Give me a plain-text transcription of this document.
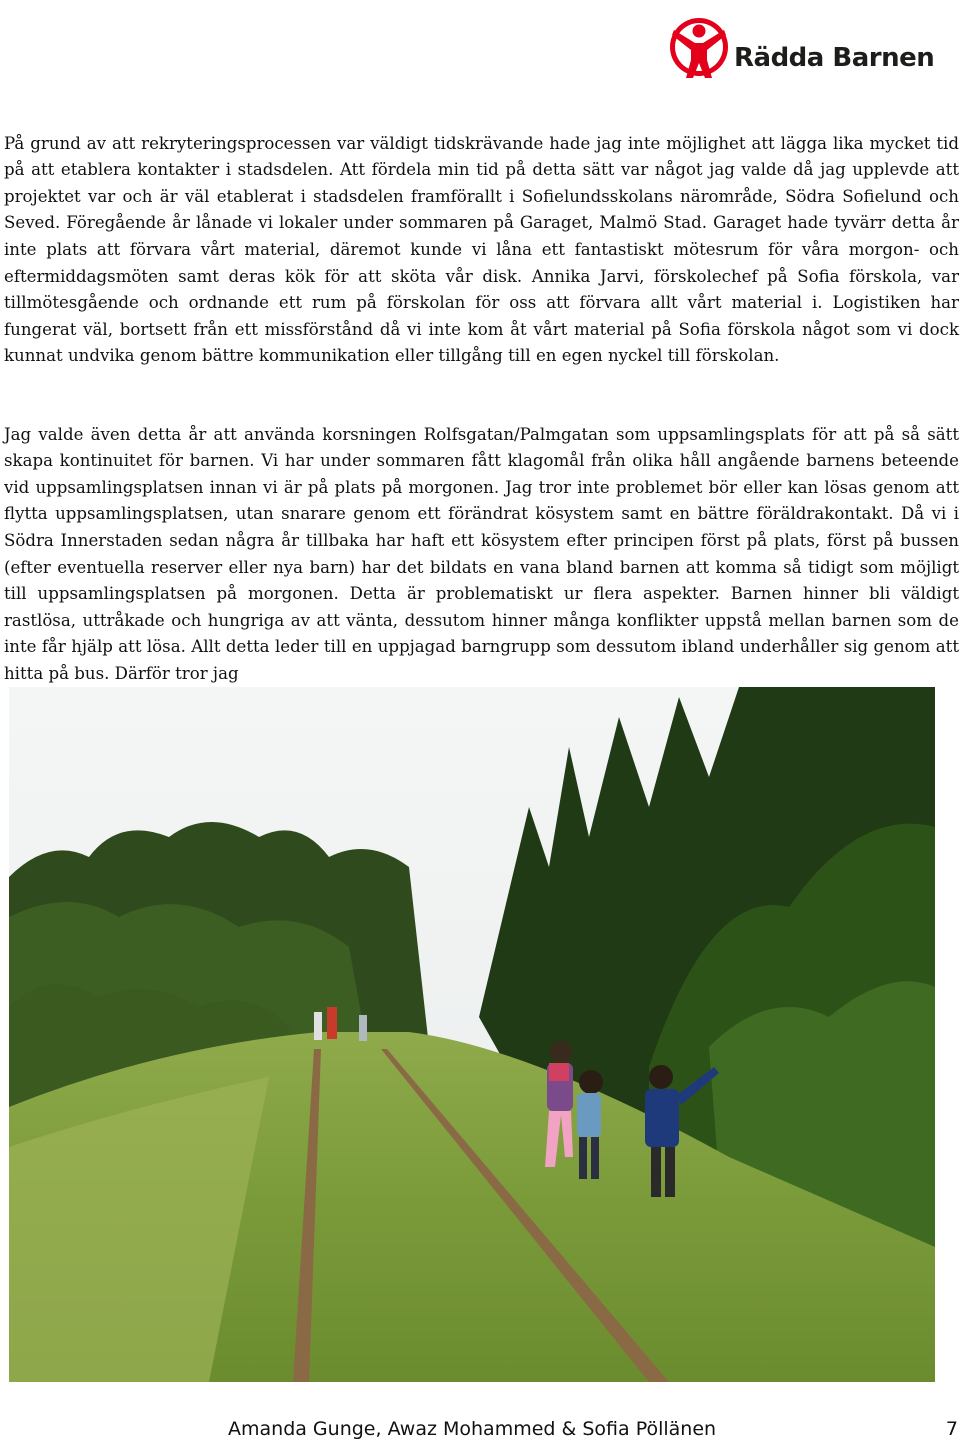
Rädda Barnen

På grund av att rekryteringsprocessen var väldigt tidskrävande hade jag inte möjlighet att lägga lika mycket tid på att etablera kontakter i stadsdelen. Att fördela min tid på detta sätt var något jag valde då jag upplevde att projektet var och är väl etablerat i stadsdelen framförallt i Sofielundsskolans närområde, Södra Sofielund och Seved. Föregående år lånade vi lokaler under sommaren på Garaget, Malmö Stad. Garaget hade tyvärr detta år inte plats att förvara vårt material, däremot kunde vi låna ett fantastiskt mötesrum för våra morgon- och eftermiddagsmöten samt deras kök för att sköta vår disk. Annika Jarvi, förskolechef på Sofia förskola, var tillmötesgående och ordnande ett rum på förskolan för oss att förvara allt vårt material i. Logistiken har fungerat väl, bortsett från ett missförstånd då vi inte kom åt vårt material på Sofia förskola något som vi dock kunnat undvika genom bättre kommunikation eller tillgång till en egen nyckel till förskolan.

Jag valde även detta år att använda korsningen Rolfsgatan/Palmgatan som uppsamlingsplats för att på så sätt skapa kontinuitet för barnen. Vi har under sommaren fått klagomål från olika håll angående barnens beteende vid uppsamlingsplatsen innan vi är på plats på morgonen. Jag tror inte problemet bör eller kan lösas genom att flytta uppsamlingsplatsen, utan snarare genom ett förändrat kösystem samt en bättre föräldrakontakt. Då vi i Södra Innerstaden sedan några år tillbaka har haft ett kösystem efter principen först på plats, först på bussen (efter eventuella reserver eller nya barn) har det bildats en vana bland barnen att komma så tidigt som möjligt till uppsamlingsplatsen på morgonen. Detta är problematiskt ur flera aspekter. Barnen hinner bli väldigt rastlösa, uttråkade och hungriga av att vänta, dessutom hinner många konflikter uppstå mellan barnen som de inte får hjälp att lösa. Allt detta leder till en uppjagad barngrupp som dessutom ibland underhåller sig genom att hitta på bus. Därför tror jag

Amanda Gunge, Awaz Mohammed & Sofia Pöllänen	7
